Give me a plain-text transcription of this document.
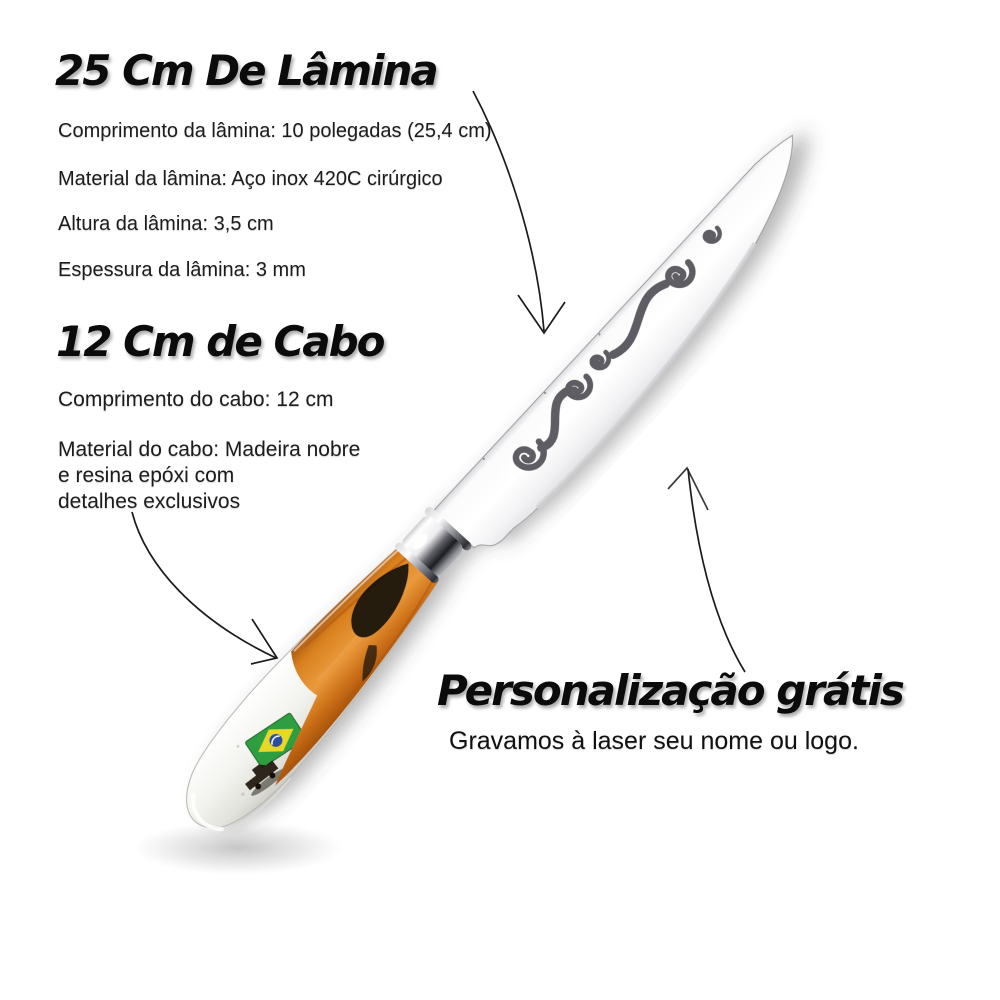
25 Cm De Lâmina

Comprimento da lâmina: 10 polegadas (25,4 cm)

Material da lâmina: Aço inox 420C cirúrgico

Altura da lâmina: 3,5 cm

Espessura da lâmina: 3 mm

12 Cm de Cabo

Comprimento do cabo: 12 cm

Material do cabo: Madeira nobre
e resina epóxi com
detalhes exclusivos
Personalização grátis

Gravamos à laser seu nome ou logo.
